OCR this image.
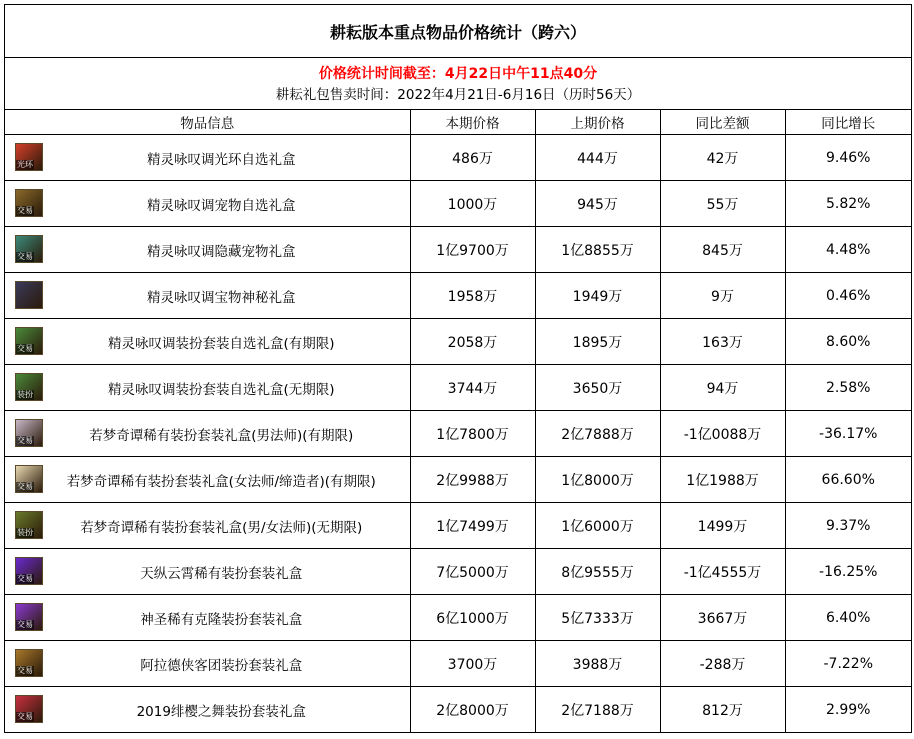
耕耘版本重点物品价格统计（跨六）
价格统计时间截至：4月22日中午11点40分
耕耘礼包售卖时间：2022年4月21日-6月16日（历时56天）
物品信息	本期价格	上期价格	同比差额	同比增长

光环 精灵咏叹调光环自选礼盒	486万	444万	42万	9.46%

交易 精灵咏叹调宠物自选礼盒	1000万	945万	55万	5.82%

交易 精灵咏叹调隐藏宠物礼盒	1亿9700万	1亿8855万	845万	4.48%

精灵咏叹调宝物神秘礼盒	1958万	1949万	9万	0.46%

交易 精灵咏叹调装扮套装自选礼盒(有期限)	2058万	1895万	163万	8.60%

装扮 精灵咏叹调装扮套装自选礼盒(无期限)	3744万	3650万	94万	2.58%

交易 若梦奇谭稀有装扮套装礼盒(男法师)(有期限)	1亿7800万	2亿7888万	-1亿0088万	-36.17%

交易 若梦奇谭稀有装扮套装礼盒(女法师/缔造者)(有期限)	2亿9988万	1亿8000万	1亿1988万	66.60%

装扮 若梦奇谭稀有装扮套装礼盒(男/女法师)(无期限)	1亿7499万	1亿6000万	1499万	9.37%

交易 天纵云霄稀有装扮套装礼盒	7亿5000万	8亿9555万	-1亿4555万	-16.25%

交易 神圣稀有克隆装扮套装礼盒	6亿1000万	5亿7333万	3667万	6.40%

交易 阿拉德侠客团装扮套装礼盒	3700万	3988万	-288万	-7.22%

交易 2019绯樱之舞装扮套装礼盒	2亿8000万	2亿7188万	812万	2.99%
